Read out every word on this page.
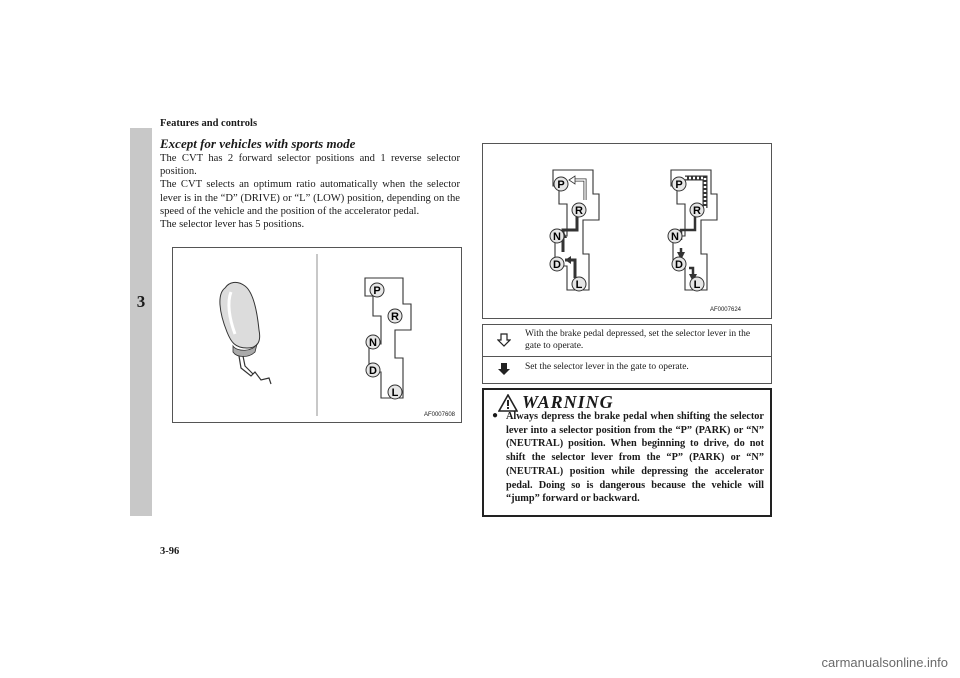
Features and controls
3
Except for vehicles with sports mode

The CVT has 2 forward selector positions and 1 reverse selector position.

The CVT selects an optimum ratio automatically when the selector lever is in the “D” (DRIVE) or “L” (LOW) position, depending on the speed of the vehicle and the position of the accelerator pedal.

The selector lever has 5 positions.

P
R
N
D
L
AF0007608
P
R
N
D
L
P
R
N
D
L
AF0007624
With the brake pedal depressed, set the selector lever in the gate to operate.
Set the selector lever in the gate to operate.
WARNING
● Always depress the brake pedal when shifting the selector lever into a selector position from the “P” (PARK) or “N” (NEUTRAL) position. When beginning to drive, do not shift the selector lever from the “P” (PARK) or “N” (NEUTRAL) position while depressing the accelerator pedal. Doing so is dangerous because the vehicle will “jump” forward or backward.
3-96
carmanualsonline.info
